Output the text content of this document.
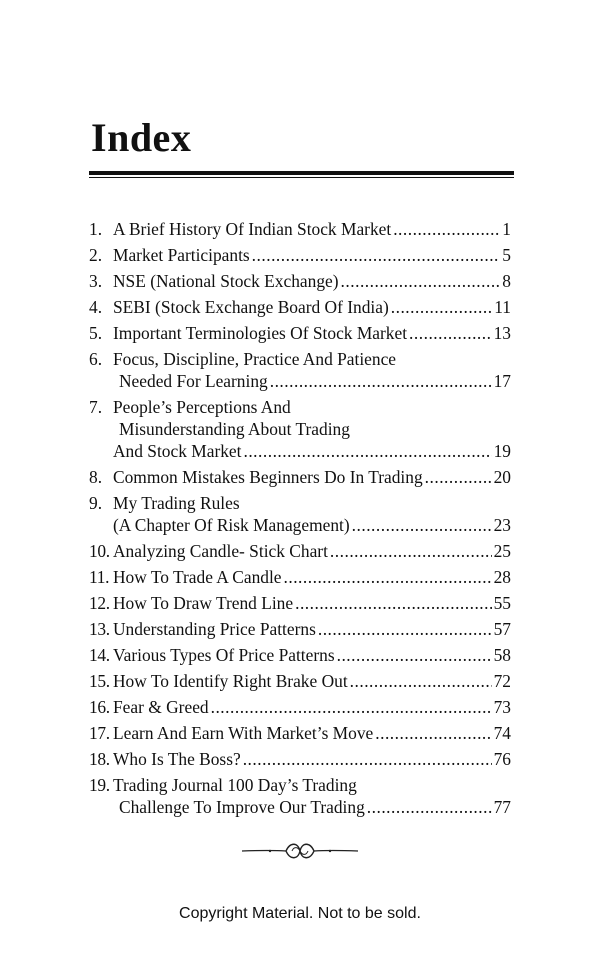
Index
1. A Brief History Of Indian Stock Market .....	1
2. Market Participants .....	5
3. NSE (National Stock Exchange) .....	8
4. SEBI (Stock Exchange Board Of India) .....	11
5. Important Terminologies Of Stock Market .....	13
6. Focus, Discipline, Practice And Patience
Needed For Learning .....	17
7. People’s Perceptions And
Misunderstanding About Trading
And Stock Market .....	19
8. Common Mistakes Beginners Do In Trading .....	20
9. My Trading Rules
(A Chapter Of Risk Management) .....	23
10. Analyzing Candle- Stick Chart .....	25
11. How To Trade A Candle .....	28
12. How To Draw Trend Line .....	55
13. Understanding Price Patterns .....	57
14. Various Types Of Price Patterns .....	58
15. How To Identify Right Brake Out .....	72
16. Fear & Greed .....	73
17. Learn And Earn With Market’s Move .....	74
18. Who Is The Boss? .....	76
19. Trading Journal 100 Day’s Trading
Challenge To Improve Our Trading .....	77
Copyright Material. Not to be sold.
